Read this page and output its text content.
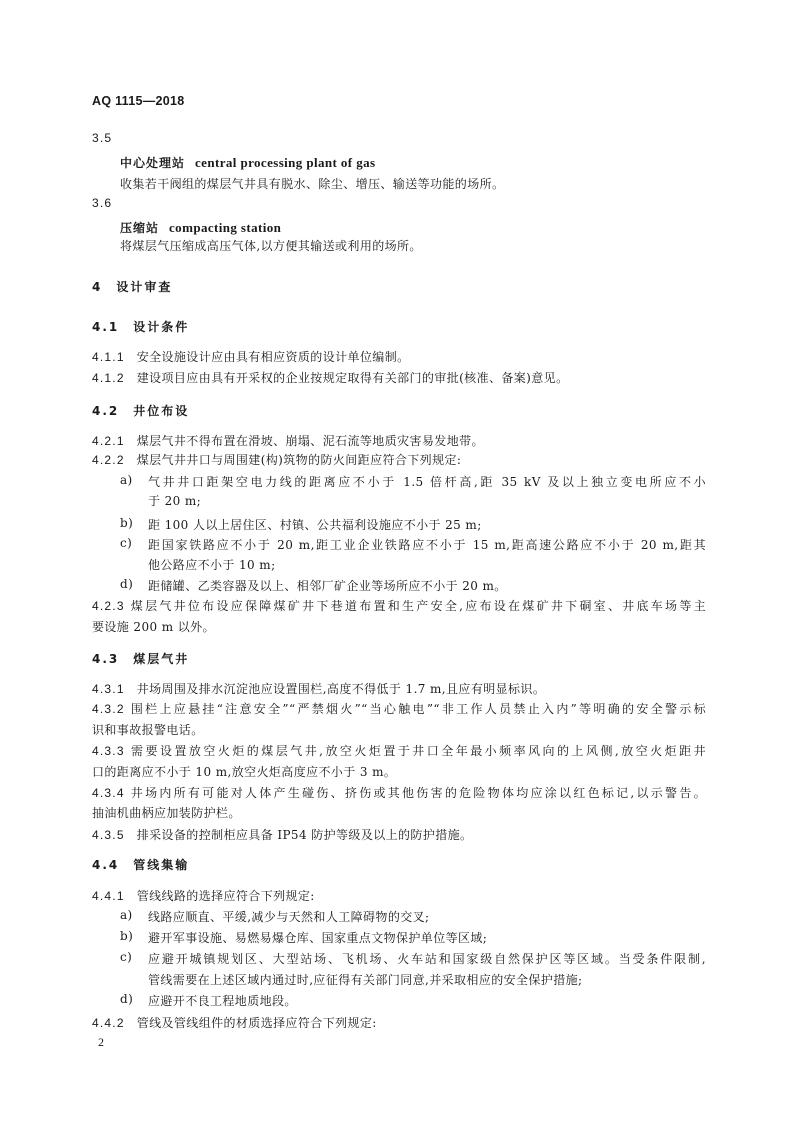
AQ 1115—2018
3.5
中心处理站 central processing plant of gas
收集若干阀组的煤层气井具有脱水、除尘、增压、输送等功能的场所。
3.6
压缩站 compacting station
将煤层气压缩成高压气体,以方便其输送或利用的场所。
4 设计审查
4.1 设计条件
4.1.1 安全设施设计应由具有相应资质的设计单位编制。
4.1.2 建设项目应由具有开采权的企业按规定取得有关部门的审批(核准、备案)意见。
4.2 井位布设
4.2.1 煤层气井不得布置在滑坡、崩塌、泥石流等地质灾害易发地带。
4.2.2 煤层气井井口与周围建(构)筑物的防火间距应符合下列规定:
a) 气井井口距架空电力线的距离应不小于 1.5 倍杆高,距 35 kV 及以上独立变电所应不小
于 20 m;
b) 距 100 人以上居住区、村镇、公共福利设施应不小于 25 m;
c) 距国家铁路应不小于 20 m,距工业企业铁路应不小于 15 m,距高速公路应不小于 20 m,距其
他公路应不小于 10 m;
d) 距储罐、乙类容器及以上、相邻厂矿企业等场所应不小于 20 m。
4.2.3 煤层气井位布设应保障煤矿井下巷道布置和生产安全,应布设在煤矿井下硐室、井底车场等主
要设施 200 m 以外。
4.3 煤层气井
4.3.1 井场周围及排水沉淀池应设置围栏,高度不得低于 1.7 m,且应有明显标识。
4.3.2 围栏上应悬挂“注意安全”“严禁烟火”“当心触电”“非工作人员禁止入内”等明确的安全警示标
识和事故报警电话。
4.3.3 需要设置放空火炬的煤层气井,放空火炬置于井口全年最小频率风向的上风侧,放空火炬距井
口的距离应不小于 10 m,放空火炬高度应不小于 3 m。
4.3.4 井场内所有可能对人体产生碰伤、挤伤或其他伤害的危险物体均应涂以红色标记,以示警告。
抽油机曲柄应加装防护栏。
4.3.5 排采设备的控制柜应具备 IP54 防护等级及以上的防护措施。
4.4 管线集输
4.4.1 管线线路的选择应符合下列规定:
a) 线路应顺直、平缓,减少与天然和人工障碍物的交叉;
b) 避开军事设施、易燃易爆仓库、国家重点文物保护单位等区域;
c) 应避开城镇规划区、大型站场、飞机场、火车站和国家级自然保护区等区域。当受条件限制,
管线需要在上述区域内通过时,应征得有关部门同意,并采取相应的安全保护措施;
d) 应避开不良工程地质地段。
4.4.2 管线及管线组件的材质选择应符合下列规定:
2
